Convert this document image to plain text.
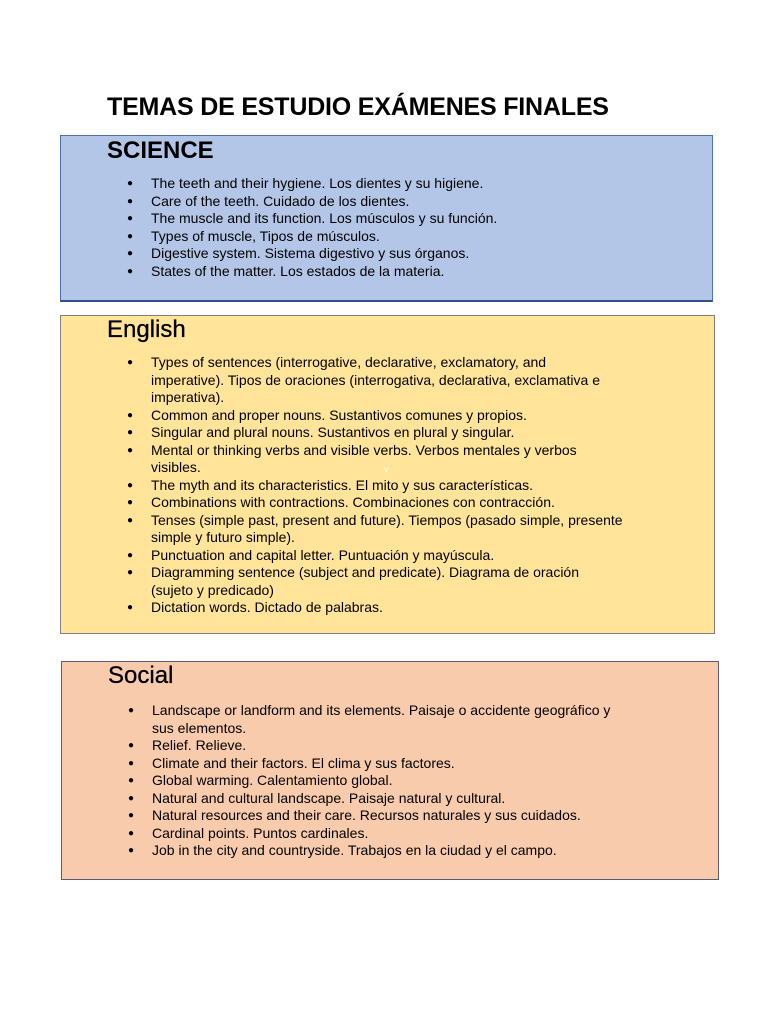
TEMAS DE ESTUDIO EXÁMENES FINALES
SCIENCE
● The teeth and their hygiene. Los dientes y su higiene.
● Care of the teeth. Cuidado de los dientes.
● The muscle and its function. Los músculos y su función.
● Types of muscle, Tipos de músculos.
● Digestive system. Sistema digestivo y sus órganos.
● States of the matter. Los estados de la materia.
English
● Types of sentences (interrogative, declarative, exclamatory, and imperative). Tipos de oraciones (interrogativa, declarativa, exclamativa e imperativa).
● Common and proper nouns. Sustantivos comunes y propios.
● Singular and plural nouns. Sustantivos en plural y singular.
● Mental or thinking verbs and visible verbs. Verbos mentales y verbos visibles.
● The myth and its characteristics. El mito y sus características.
● Combinations with contractions. Combinaciones con contracción.
● Tenses (simple past, present and future). Tiempos (pasado simple, presente simple y futuro simple).
● Punctuation and capital letter. Puntuación y mayúscula.
● Diagramming sentence (subject and predicate). Diagrama de oración (sujeto y predicado)
● Dictation words. Dictado de palabras.
v
Social
● Landscape or landform and its elements. Paisaje o accidente geográfico y sus elementos.
● Relief. Relieve.
● Climate and their factors. El clima y sus factores.
● Global warming. Calentamiento global.
● Natural and cultural landscape. Paisaje natural y cultural.
● Natural resources and their care. Recursos naturales y sus cuidados.
● Cardinal points. Puntos cardinales.
● Job in the city and countryside. Trabajos en la ciudad y el campo.
